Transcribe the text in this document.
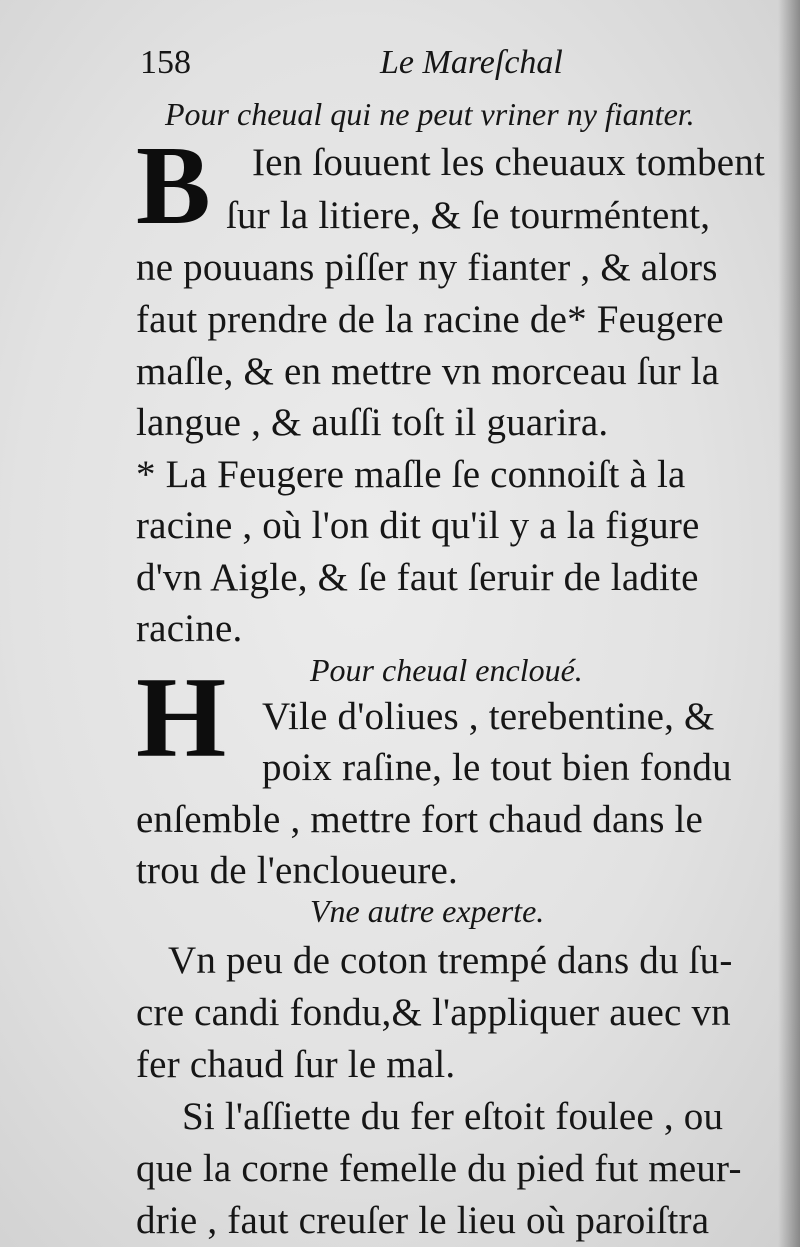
158	Le Mareſchal
Pour cheual qui ne peut vriner ny fianter.
B Ien ſouuent les cheuaux tombent
ſur la litiere, & ſe tourméntent,
ne pouuans piſſer ny fianter , & alors
faut prendre de la racine de* Feugere
maſle, & en mettre vn morceau ſur la
langue , & auſſi toſt il guarira.
* La Feugere maſle ſe connoiſt à la
racine , où l'on dit qu'il y a la figure
d'vn Aigle, & ſe faut ſeruir de ladite
racine.
Pour cheual encloué.
H Vile d'oliues , terebentine, &
poix raſine, le tout bien fondu
enſemble , mettre fort chaud dans le
trou de l'encloueure.
Vne autre experte.
Vn peu de coton trempé dans du ſu-
cre candi fondu,& l'appliquer auec vn
fer chaud ſur le mal.
Si l'aſſiette du fer eſtoit foulee , ou
que la corne femelle du pied fut meur-
drie , faut creuſer le lieu où paroiſtra
